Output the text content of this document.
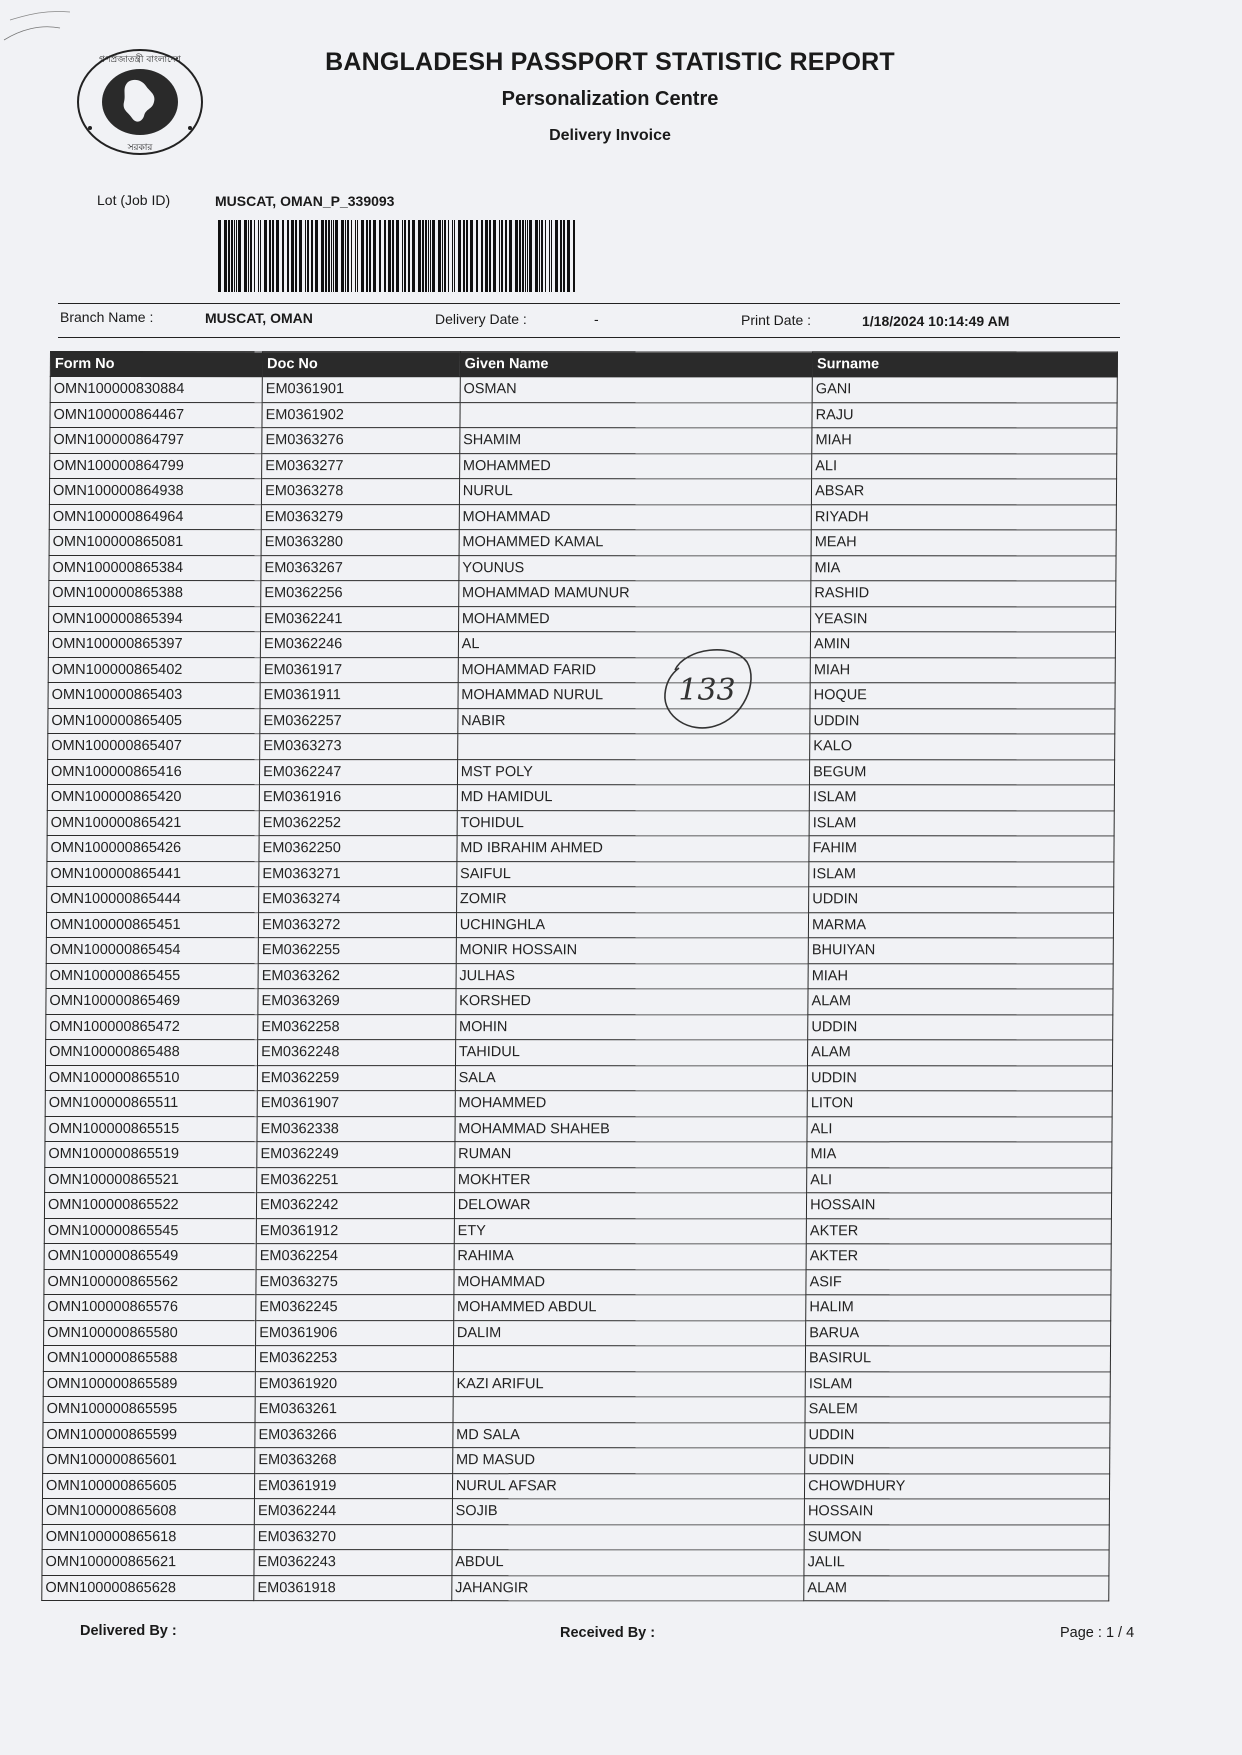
গণপ্রজাতন্ত্রী বাংলাদেশ
সরকার
BANGLADESH PASSPORT STATISTIC REPORT
Personalization Centre
Delivery Invoice
Lot (Job ID)	MUSCAT, OMAN_P_339093
Branch Name :	MUSCAT, OMAN	Delivery Date :	-	Print Date :	1/18/2024 10:14:49 AM
Form No	Doc No	Given Name	Surname
OMN100000830884	EM0361901	OSMAN	GANI
OMN100000864467	EM0361902		RAJU
OMN100000864797	EM0363276	SHAMIM	MIAH
OMN100000864799	EM0363277	MOHAMMED	ALI
OMN100000864938	EM0363278	NURUL	ABSAR
OMN100000864964	EM0363279	MOHAMMAD	RIYADH
OMN100000865081	EM0363280	MOHAMMED KAMAL	MEAH
OMN100000865384	EM0363267	YOUNUS	MIA
OMN100000865388	EM0362256	MOHAMMAD MAMUNUR	RASHID
OMN100000865394	EM0362241	MOHAMMED	YEASIN
OMN100000865397	EM0362246	AL	AMIN
OMN100000865402	EM0361917	MOHAMMAD FARID	MIAH
OMN100000865403	EM0361911	MOHAMMAD NURUL	HOQUE
OMN100000865405	EM0362257	NABIR	UDDIN
OMN100000865407	EM0363273		KALO
OMN100000865416	EM0362247	MST POLY	BEGUM
OMN100000865420	EM0361916	MD HAMIDUL	ISLAM
OMN100000865421	EM0362252	TOHIDUL	ISLAM
OMN100000865426	EM0362250	MD IBRAHIM AHMED	FAHIM
OMN100000865441	EM0363271	SAIFUL	ISLAM
OMN100000865444	EM0363274	ZOMIR	UDDIN
OMN100000865451	EM0363272	UCHINGHLA	MARMA
OMN100000865454	EM0362255	MONIR HOSSAIN	BHUIYAN
OMN100000865455	EM0363262	JULHAS	MIAH
OMN100000865469	EM0363269	KORSHED	ALAM
OMN100000865472	EM0362258	MOHIN	UDDIN
OMN100000865488	EM0362248	TAHIDUL	ALAM
OMN100000865510	EM0362259	SALA	UDDIN
OMN100000865511	EM0361907	MOHAMMED	LITON
OMN100000865515	EM0362338	MOHAMMAD SHAHEB	ALI
OMN100000865519	EM0362249	RUMAN	MIA
OMN100000865521	EM0362251	MOKHTER	ALI
OMN100000865522	EM0362242	DELOWAR	HOSSAIN
OMN100000865545	EM0361912	ETY	AKTER
OMN100000865549	EM0362254	RAHIMA	AKTER
OMN100000865562	EM0363275	MOHAMMAD	ASIF
OMN100000865576	EM0362245	MOHAMMED ABDUL	HALIM
OMN100000865580	EM0361906	DALIM	BARUA
OMN100000865588	EM0362253		BASIRUL
OMN100000865589	EM0361920	KAZI ARIFUL	ISLAM
OMN100000865595	EM0363261		SALEM
OMN100000865599	EM0363266	MD SALA	UDDIN
OMN100000865601	EM0363268	MD MASUD	UDDIN
OMN100000865605	EM0361919	NURUL AFSAR	CHOWDHURY
OMN100000865608	EM0362244	SOJIB	HOSSAIN
OMN100000865618	EM0363270		SUMON
OMN100000865621	EM0362243	ABDUL	JALIL
OMN100000865628	EM0361918	JAHANGIR	ALAM
133
Delivered By :	Received By :	Page : 1 / 4
